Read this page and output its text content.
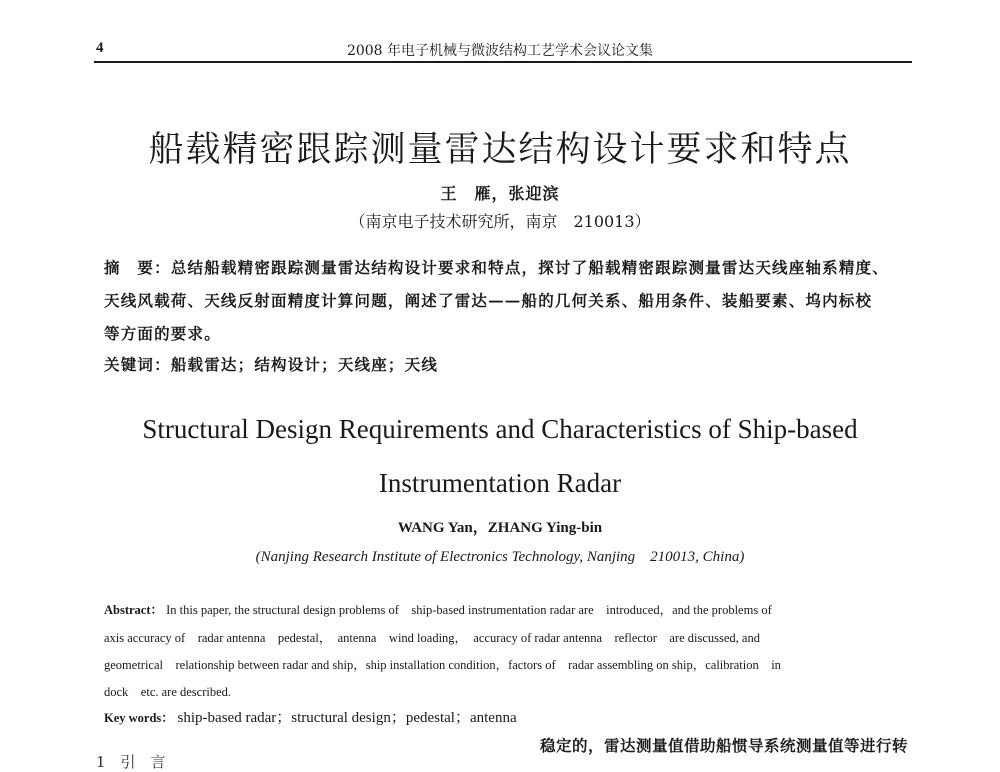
4	2008 年电子机械与微波结构工艺学术会议论文集
船载精密跟踪测量雷达结构设计要求和特点
王　雁，张迎滨
（南京电子技术研究所，南京　210013）
摘　要：总结船载精密跟踪测量雷达结构设计要求和特点，探讨了船载精密跟踪测量雷达天线座轴系精度、
天线风载荷、天线反射面精度计算问题，阐述了雷达——船的几何关系、船用条件、装船要素、坞内标校
等方面的要求。
关键词：船载雷达；结构设计；天线座；天线
Structural Design Requirements and Characteristics of Ship-based
Instrumentation Radar
WANG Yan，ZHANG Ying-bin
(Nanjing Research Institute of Electronics Technology, Nanjing　210013, China)
Abstract： In this paper, the structural design problems of　ship-based instrumentation radar are　introduced，and the problems of
axis accuracy of　radar antenna　pedestal，　antenna　wind loading，　accuracy of radar antenna　reflector　are discussed, and
geometrical　relationship between radar and ship，ship installation condition，factors of　radar assembling on ship，calibration　in
dock　etc. are described.
Key words： ship-based radar；structural design；pedestal；antenna
稳定的，雷达测量值借助船惯导系统测量值等进行转
1　引　言
